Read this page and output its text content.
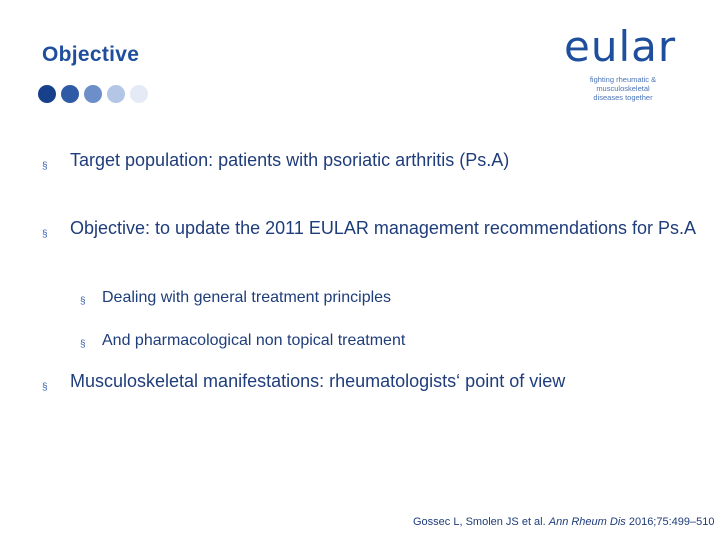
Objective	eular
fighting rheumatic & musculoskeletal
diseases together
§	Target population: patients with psoriatic arthritis (Ps.A)
§	Objective: to update the 2011 EULAR management recommendations for Ps.A
§	Dealing with general treatment principles
§	And pharmacological non topical treatment
§	Musculoskeletal manifestations: rheumatologists‘ point of view
Gossec L, Smolen JS et al. Ann Rheum Dis 2016;75:499–510
